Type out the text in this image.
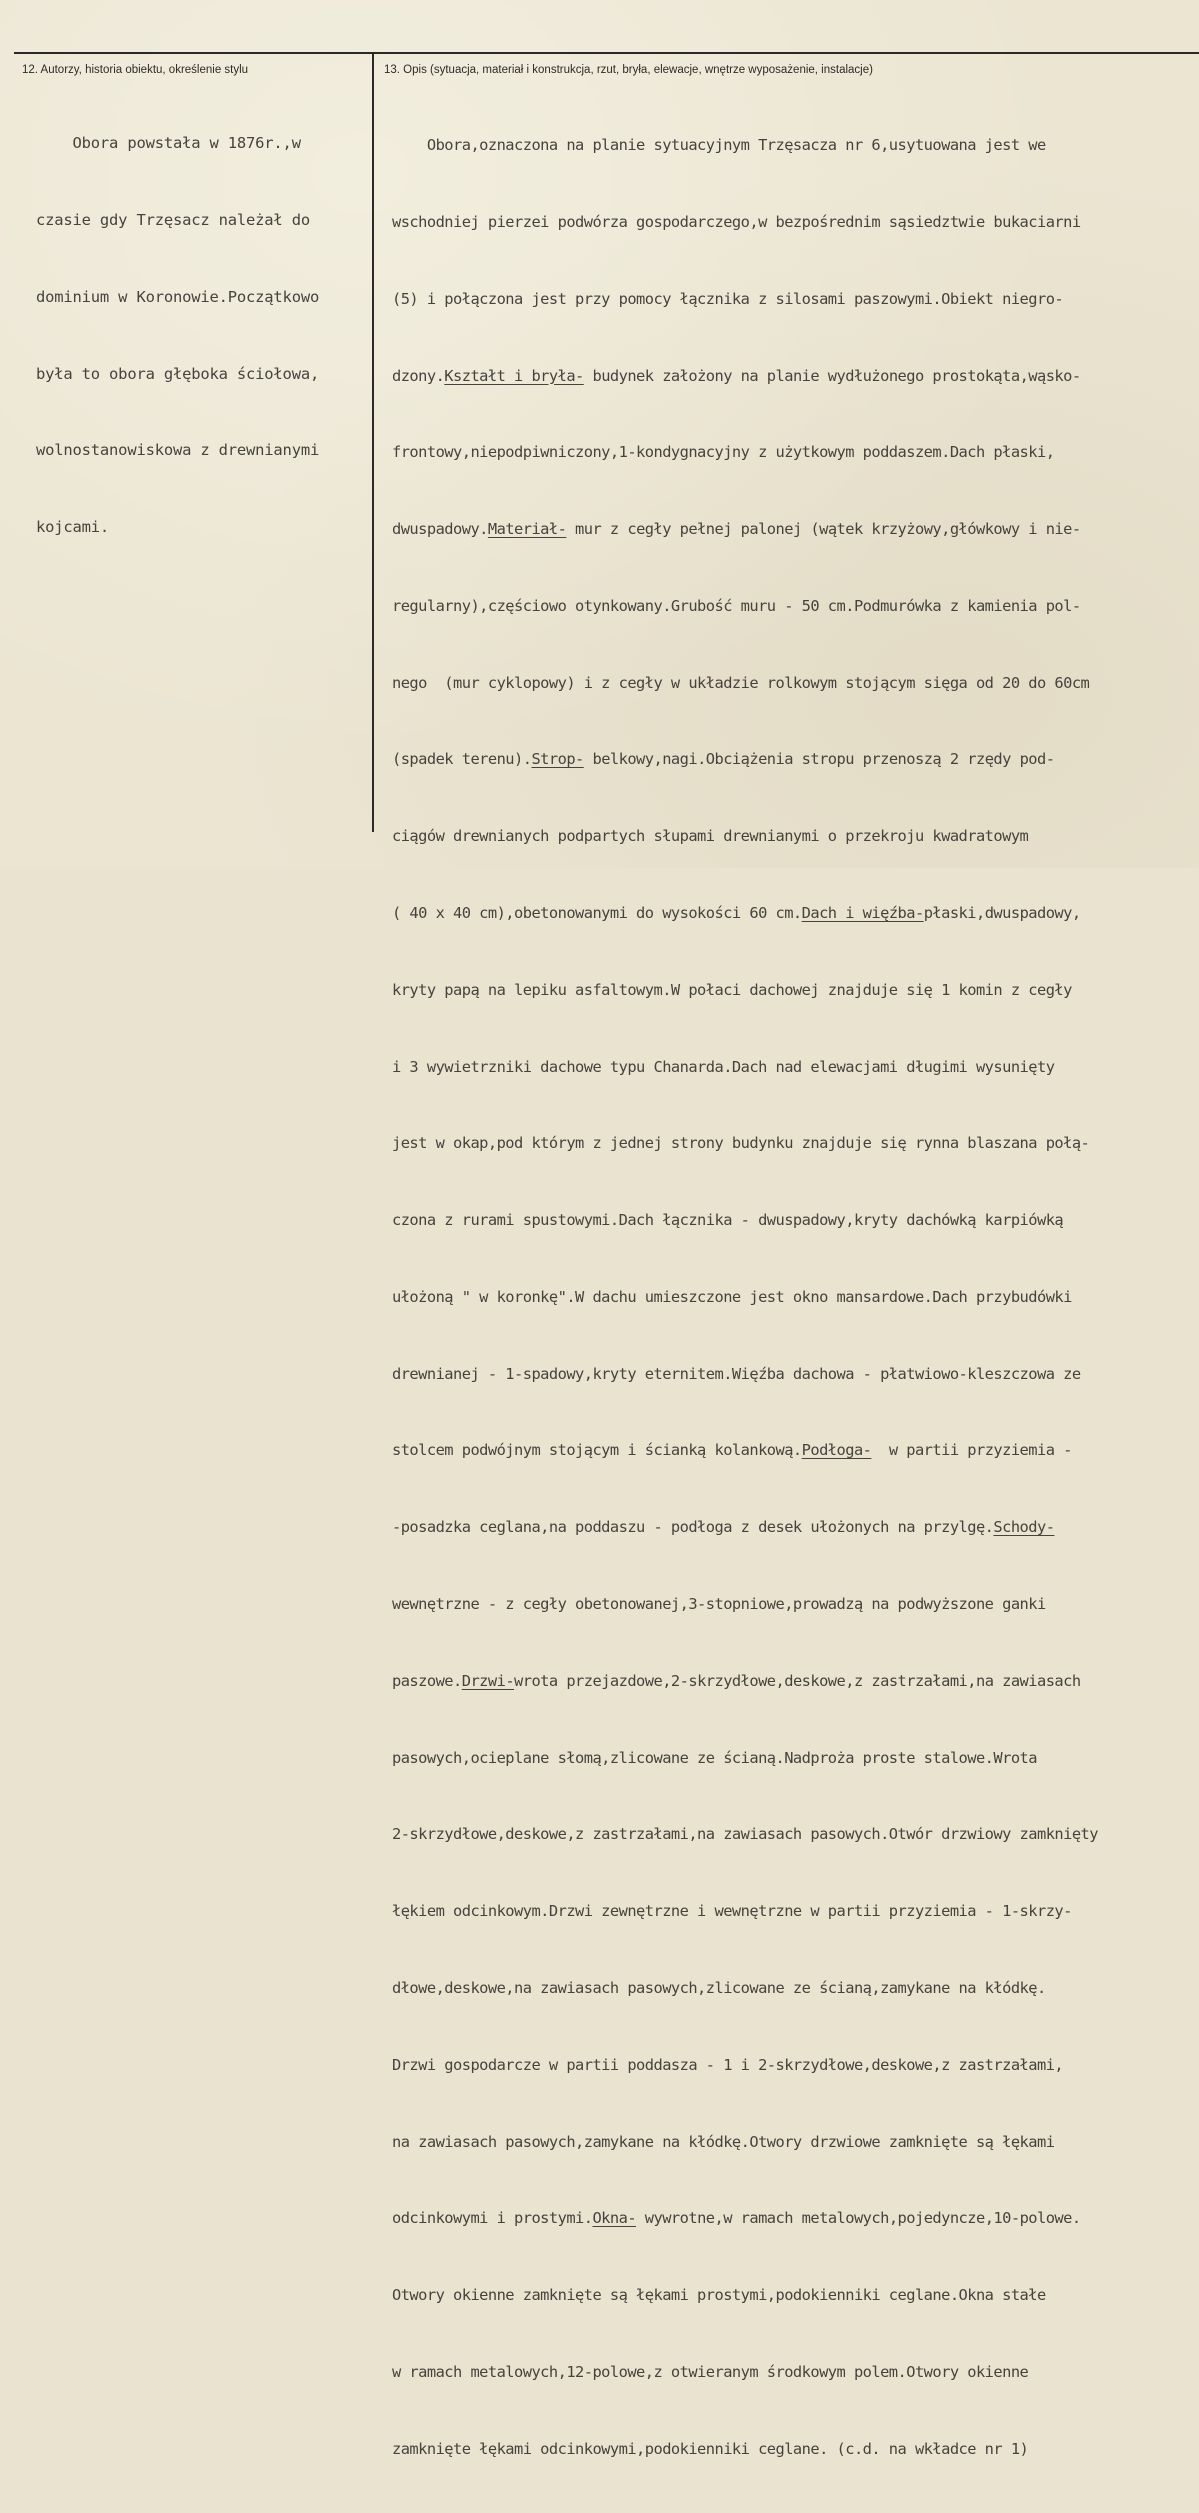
12. Autorzy, historia obiektu, określenie stylu	13. Opis (sytuacja, materiał i konstrukcja, rzut, bryła, elewacje, wnętrze wyposażenie, instalacje)

Obora powstała w 1876r.,w

czasie gdy Trzęsacz należał do

dominium w Koronowie.Początkowo

była to obora głęboka ściołowa,

wolnostanowiskowa z drewnianymi

kojcami.

Obora,oznaczona na planie sytuacyjnym Trzęsacza nr 6,usytuowana jest we

wschodniej pierzei podwórza gospodarczego,w bezpośrednim sąsiedztwie bukaciarni

(5) i połączona jest przy pomocy łącznika z silosami paszowymi.Obiekt niegro-

dzony.Kształt i bryła- budynek założony na planie wydłużonego prostokąta,wąsko-

frontowy,niepodpiwniczony,1-kondygnacyjny z użytkowym poddaszem.Dach płaski,

dwuspadowy.Materiał- mur z cegły pełnej palonej (wątek krzyżowy,główkowy i nie-

regularny),częściowo otynkowany.Grubość muru - 50 cm.Podmurówka z kamienia pol-

nego  (mur cyklopowy) i z cegły w układzie rolkowym stojącym sięga od 20 do 60cm

(spadek terenu).Strop- belkowy,nagi.Obciążenia stropu przenoszą 2 rzędy pod-

ciągów drewnianych podpartych słupami drewnianymi o przekroju kwadratowym

( 40 x 40 cm),obetonowanymi do wysokości 60 cm.Dach i więźba-płaski,dwuspadowy,

kryty papą na lepiku asfaltowym.W połaci dachowej znajduje się 1 komin z cegły

i 3 wywietrzniki dachowe typu Chanarda.Dach nad elewacjami długimi wysunięty

jest w okap,pod którym z jednej strony budynku znajduje się rynna blaszana połą-

czona z rurami spustowymi.Dach łącznika - dwuspadowy,kryty dachówką karpiówką

ułożoną " w koronkę".W dachu umieszczone jest okno mansardowe.Dach przybudówki

drewnianej - 1-spadowy,kryty eternitem.Więźba dachowa - płatwiowo-kleszczowa ze

stolcem podwójnym stojącym i ścianką kolankową.Podłoga-  w partii przyziemia -

-posadzka ceglana,na poddaszu - podłoga z desek ułożonych na przylgę.Schody-

wewnętrzne - z cegły obetonowanej,3-stopniowe,prowadzą na podwyższone ganki

paszowe.Drzwi-wrota przejazdowe,2-skrzydłowe,deskowe,z zastrzałami,na zawiasach

pasowych,ocieplane słomą,zlicowane ze ścianą.Nadproża proste stalowe.Wrota

2-skrzydłowe,deskowe,z zastrzałami,na zawiasach pasowych.Otwór drzwiowy zamknięty

łękiem odcinkowym.Drzwi zewnętrzne i wewnętrzne w partii przyziemia - 1-skrzy-

dłowe,deskowe,na zawiasach pasowych,zlicowane ze ścianą,zamykane na kłódkę.

Drzwi gospodarcze w partii poddasza - 1 i 2-skrzydłowe,deskowe,z zastrzałami,

na zawiasach pasowych,zamykane na kłódkę.Otwory drzwiowe zamknięte są łękami

odcinkowymi i prostymi.Okna- wywrotne,w ramach metalowych,pojedyncze,10-polowe.

Otwory okienne zamknięte są łękami prostymi,podokienniki ceglane.Okna stałe

w ramach metalowych,12-polowe,z otwieranym środkowym polem.Otwory okienne

zamknięte łękami odcinkowymi,podokienniki ceglane. (c.d. na wkładce nr 1)
